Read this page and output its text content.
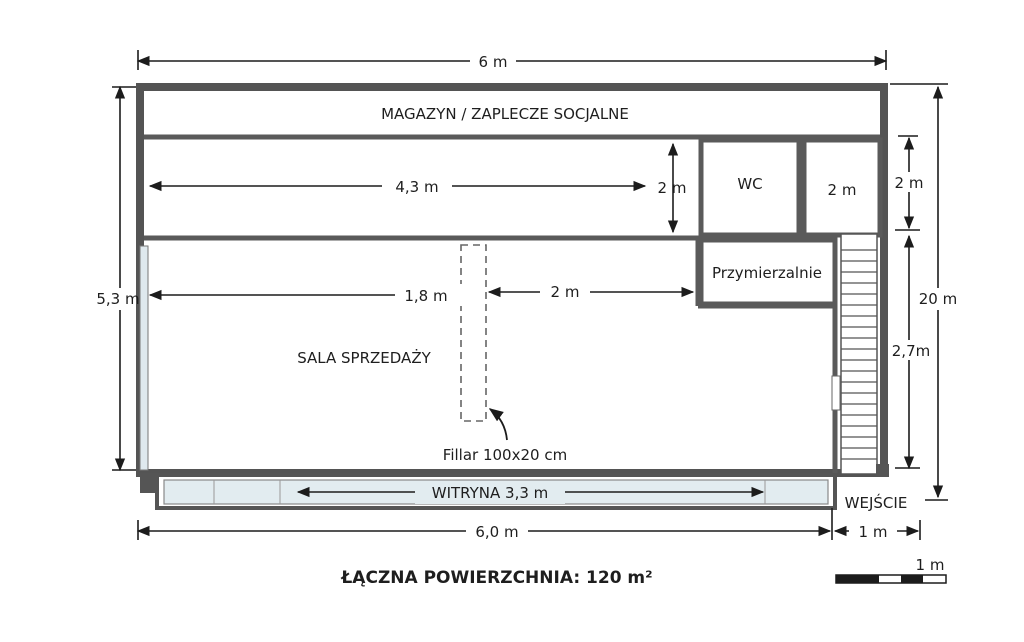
6 m
MAGAZYN / ZAPLECZE SOCJALNE
4,3 m	2 m	WC	2 m	2 m
Przymierzalnie
1,8 m	2 m
5,3 m	20 m
2,7m
SALA SPRZEDAŻY
Fillar 100x20 cm
WITRYNA 3,3 m
WEJŚCIE
6,0 m	1 m
ŁĄCZNA POWIERZCHNIA: 120 m²
1 m
